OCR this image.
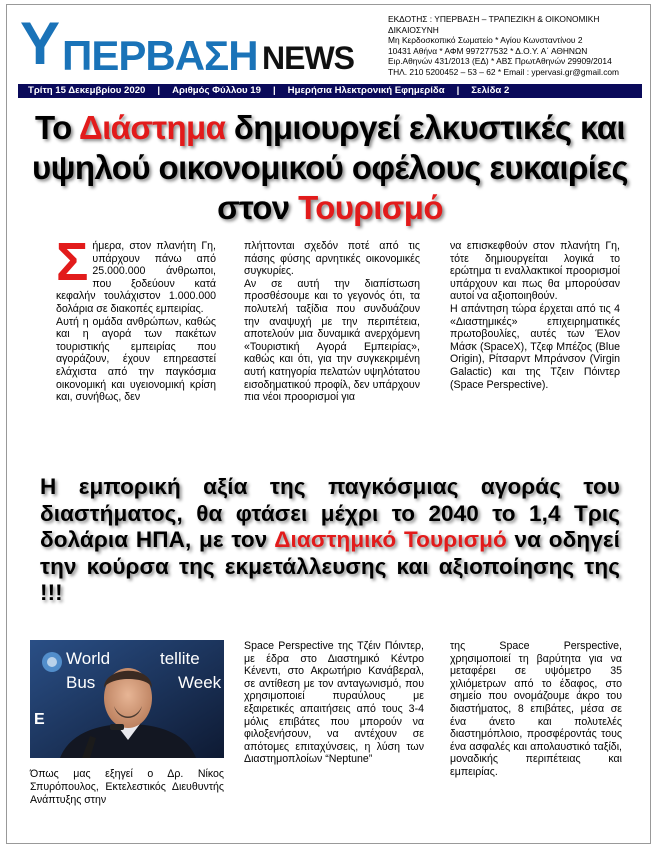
Υ ΠΕΡΒΑΣΗ NEWS
ΕΚΔΟΤΗΣ : ΥΠΕΡΒΑΣΗ – ΤΡΑΠΕΖΙΚΗ & ΟΙΚΟΝΟΜΙΚΗ ΔΙΚΑΙΟΣΥΝΗ
Μη Κερδοσκοπικό Σωματείο * Αγίου Κωνσταντίνου 2
10431 Αθήνα * ΑΦΜ 997277532 * Δ.Ο.Υ. Α΄ ΑΘΗΝΩΝ
Ειρ.Αθηνών 431/2013 (ΕΔ) * ΑΒΣ ΠρωτΑθηνών 29909/2014
ΤΗΛ. 210 5200452 – 53 – 62 * Email : ypervasi.gr@gmail.com
Τρίτη 15 Δεκεμβρίου 2020 | Αριθμός Φύλλου 19 | Ημερήσια Ηλεκτρονική Εφημερίδα | Σελίδα 2
Το Διάστημα δημιουργεί ελκυστικές και υψηλού οικονομικού οφέλους ευκαιρίες στον Τουρισμό
Σ ήμερα, στον πλανήτη Γη, υπάρχουν πάνω από 25.000.000 άνθρωποι, που ξοδεύουν κατά κεφαλήν τουλάχιστον 1.000.000 δολάρια σε διακοπές εμπειρίας.

Αυτή η ομάδα ανθρώπων, καθώς και η αγορά των πακέτων τουριστικής εμπειρίας που αγοράζουν, έχουν επηρεαστεί ελάχιστα από την παγκόσμια οικονομική και υγειονομική κρίση και, συνήθως, δεν

πλήττονται σχεδόν ποτέ από τις πάσης φύσης αρνητικές οικονομικές συγκυρίες.

Αν σε αυτή την διαπίστωση προσθέσουμε και το γεγονός ότι, τα πολυτελή ταξίδια που συνδυάζουν την αναψυχή με την περιπέτεια, αποτελούν μια δυναμικά ανερχόμενη «Τουριστική Αγορά Εμπειρίας», καθώς και ότι, για την συγκεκριμένη αυτή κατηγορία πελατών υψηλότατου εισοδηματικού προφίλ, δεν υπάρχουν πια νέοι προορισμοί για

να επισκεφθούν στον πλανήτη Γη, τότε δημιουργείται λογικά το ερώτημα τι εναλλακτικοί προορισμοί υπάρχουν και πως θα μπορούσαν αυτοί να αξιοποιηθούν.

Η απάντηση τώρα έρχεται από τις 4 «Διαστημικές» επιχειρηματικές πρωτοβουλίες, αυτές των Έλον Μάσκ (SpaceX), Τζεφ Μπέζος (Blue Origin), Ρίτσαρντ Μπράνσον (Virgin Galactic) και της Τζειν Πόιντερ (Space Perspective).

Η εμπορική αξία της παγκόσμιας αγοράς του διαστήματος, θα φτάσει μέχρι το 2040 το 1,4 Τρις δολάρια ΗΠΑ, με τον Διαστημικό Τουρισμό να οδηγεί την κούρσα της εκμετάλλευσης και αξιοποίησης της !!!
World	tellite
Bus	Week
E
Όπως μας εξηγεί ο Δρ. Νίκος Σπυρόπουλος, Εκτελεστικός Διευθυντής Ανάπτυξης στην

Space Perspective της Τζέιν Πόιντερ, με έδρα στο Διαστημικό Κέντρο Κένεντι, στο Ακρωτήριο Κανάβεραλ, σε αντίθεση με τον ανταγωνισμό, που χρησιμοποιεί πυραύλους με εξαιρετικές απαιτήσεις από τους 3-4 μόλις επιβάτες που μπορούν να φιλοξενήσουν, να αντέχουν σε απότομες επιταχύνσεις, η λύση των Διαστημοπλοίων “Neptune”

της Space Perspective, χρησιμοποιεί τη βαρύτητα για να μεταφέρει σε υψόμετρο 35 χιλιόμετρων από το έδαφος, στο σημείο που ονομάζουμε άκρο του διαστήματος, 8 επιβάτες, μέσα σε ένα άνετο και πολυτελές διαστημόπλοιο, προσφέροντάς τους ένα ασφαλές και απολαυστικό ταξίδι, μοναδικής περιπέτειας και εμπειρίας.
